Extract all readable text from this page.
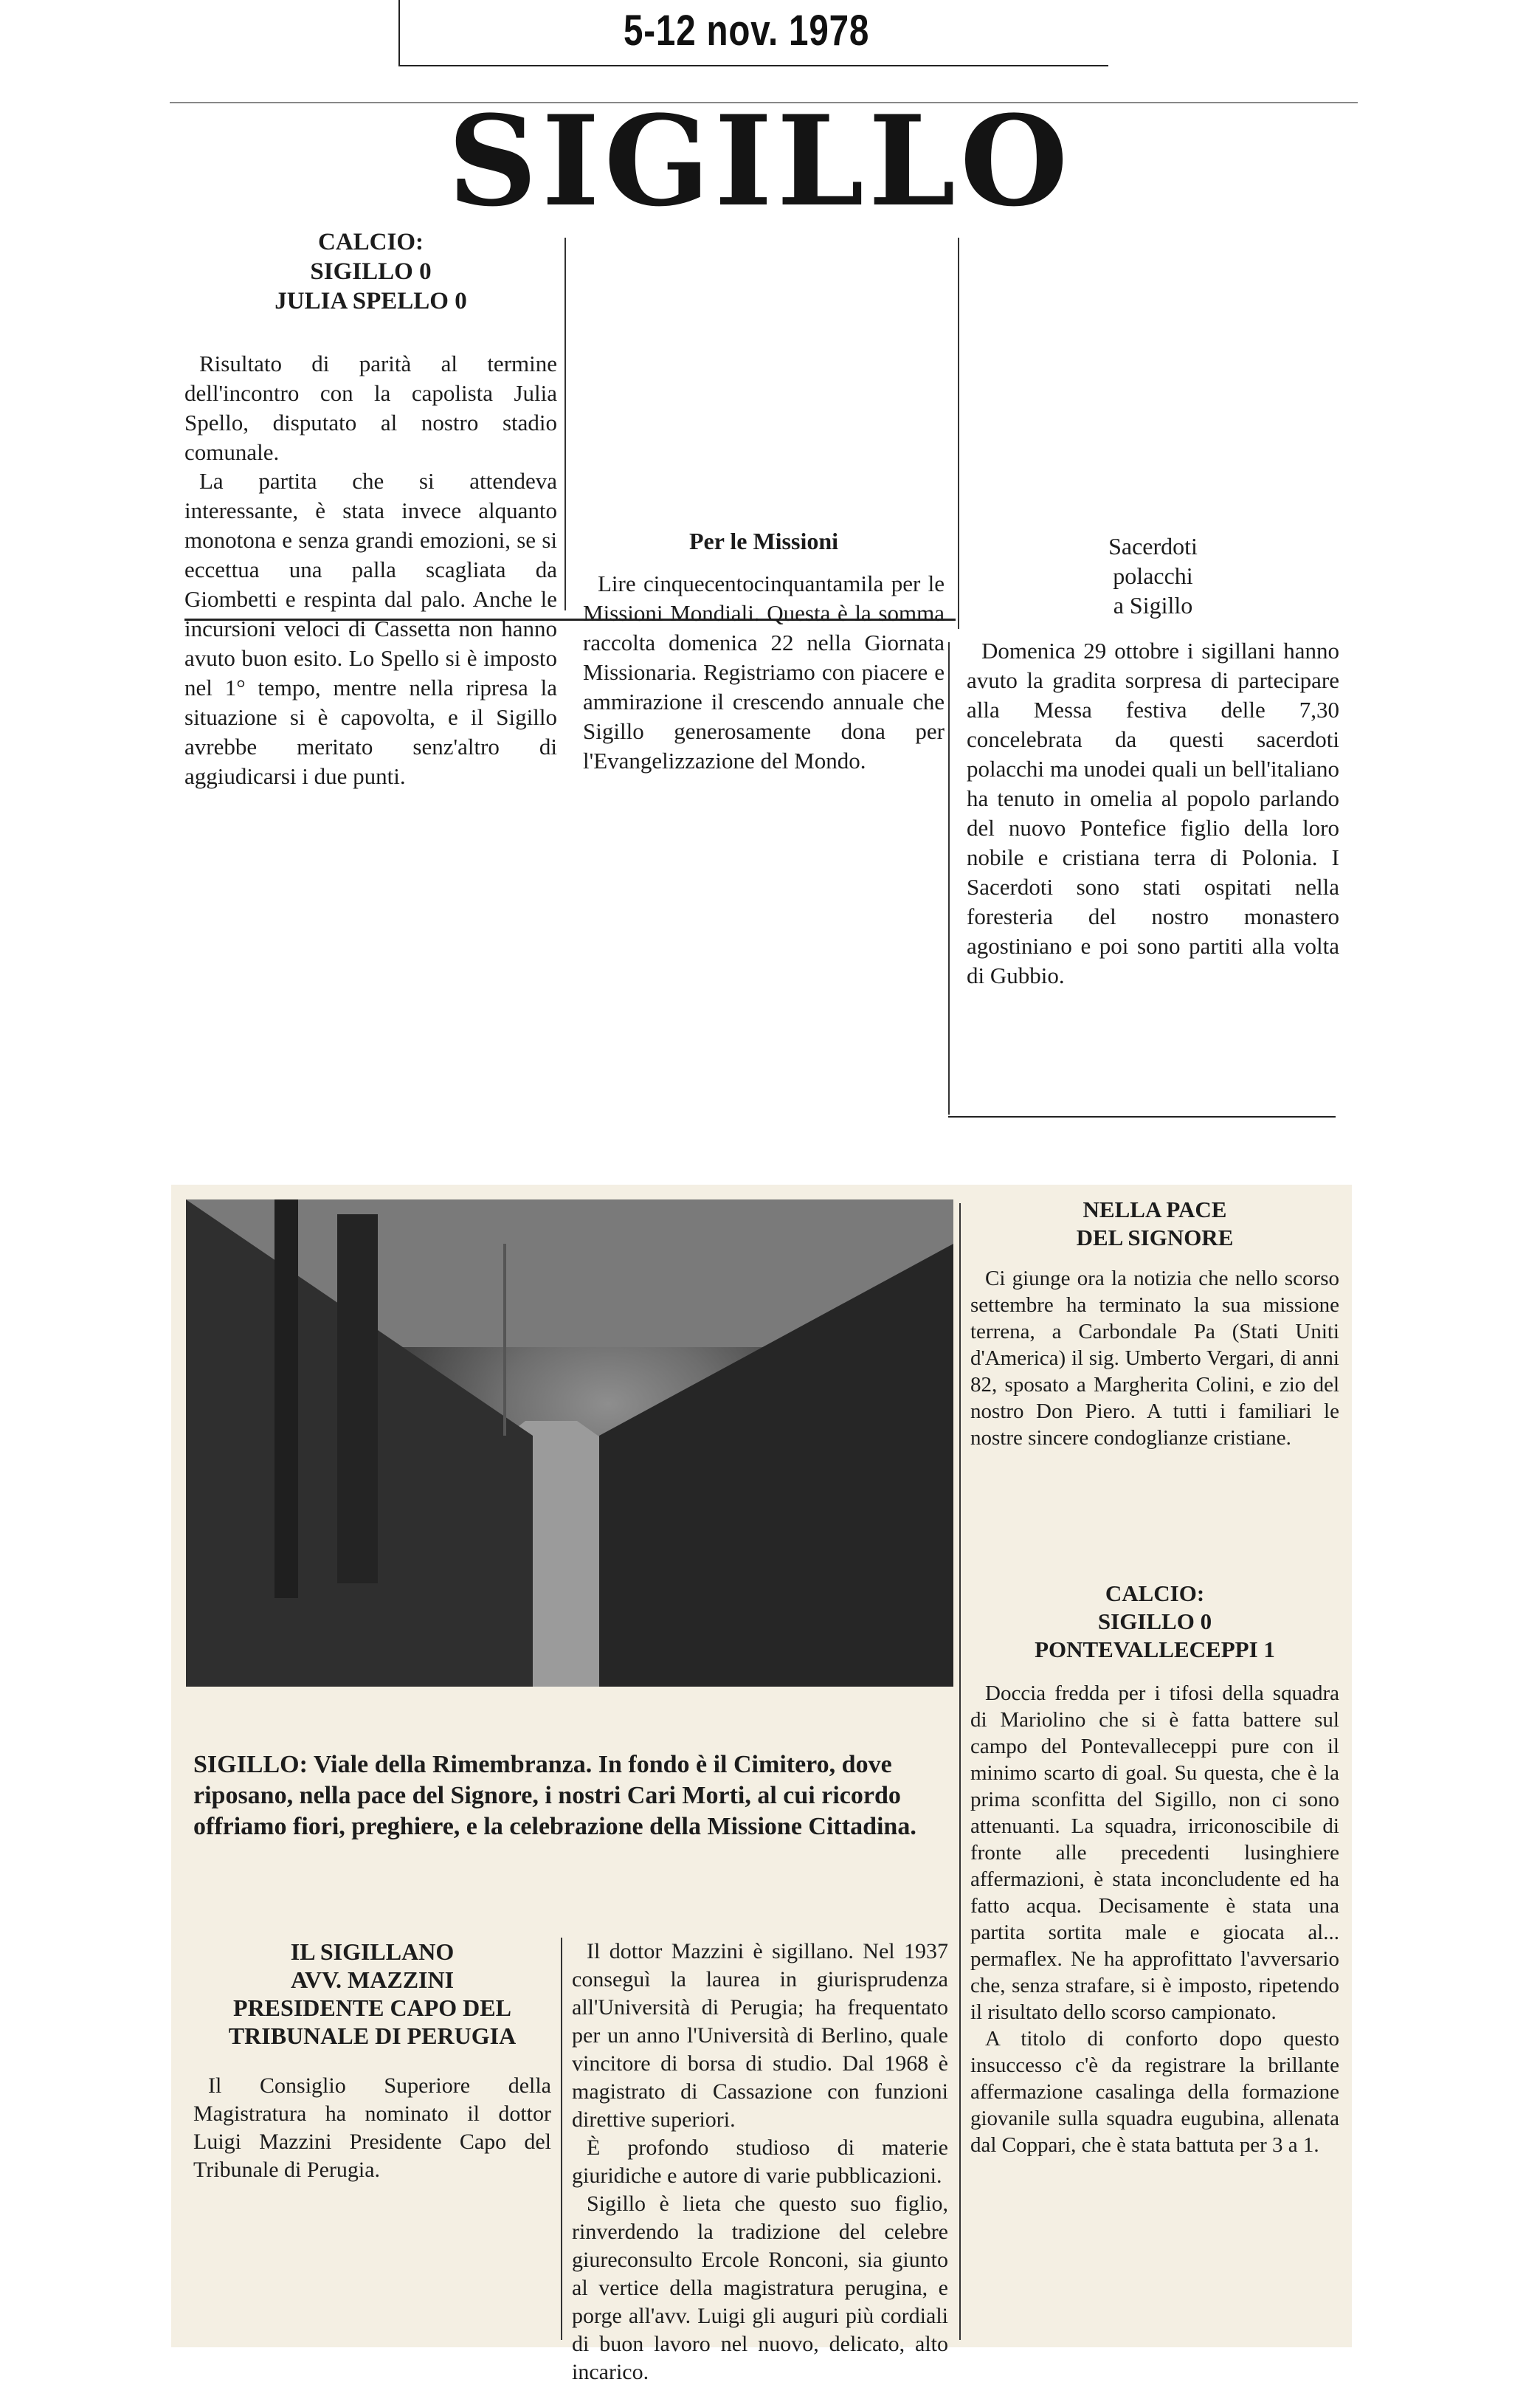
5-12 nov. 1978
SIGILLO
CALCIO:
SIGILLO 0
JULIA SPELLO 0

Risultato di parità al termine dell'incontro con la capolista Julia Spello, disputato al nostro stadio comunale.

La partita che si attendeva interessante, è stata invece alquanto monotona e senza grandi emozioni, se si eccettua una palla scagliata da Giombetti e respinta dal palo. Anche le incursioni veloci di Cassetta non hanno avuto buon esito. Lo Spello si è imposto nel 1° tempo, mentre nella ripresa la situazione si è capovolta, e il Sigillo avrebbe meritato senz'altro di aggiudicarsi i due punti.

Per le Missioni

Lire cinquecentocinquantamila per le Missioni Mondiali. Questa è la somma raccolta domenica 22 nella Giornata Missionaria. Registriamo con piacere e ammirazione il crescendo annuale che Sigillo generosamente dona per l'Evangelizzazione del Mondo.

Sacerdoti
polacchi
a Sigillo

Domenica 29 ottobre i sigillani hanno avuto la gradita sorpresa di partecipare alla Messa festiva delle 7,30 concelebrata da questi sacerdoti polacchi ma unodei quali un bell'italiano ha tenuto in omelia al popolo parlando del nuovo Pontefice figlio della loro nobile e cristiana terra di Polonia. I Sacerdoti sono stati ospitati nella foresteria del nostro monastero agostiniano e poi sono partiti alla volta di Gubbio.

SIGILLO: Viale della Rimembranza. In fondo è il Cimitero, dove riposano, nella pace del Signore, i nostri Cari Morti, al cui ricordo offriamo fiori, preghiere, e la celebrazione della Missione Cittadina.
IL SIGILLANO
AVV. MAZZINI
PRESIDENTE CAPO DEL
TRIBUNALE DI PERUGIA

Il Consiglio Superiore della Magistratura ha nominato il dottor Luigi Mazzini Presidente Capo del Tribunale di Perugia.

Il dottor Mazzini è sigillano. Nel 1937 conseguì la laurea in giurisprudenza all'Università di Perugia; ha frequentato per un anno l'Università di Berlino, quale vincitore di borsa di studio. Dal 1968 è magistrato di Cassazione con funzioni direttive superiori.

È profondo studioso di materie giuridiche e autore di varie pubblicazioni.

Sigillo è lieta che questo suo figlio, rinverdendo la tradizione del celebre giureconsulto Ercole Ronconi, sia giunto al vertice della magistratura perugina, e porge all'avv. Luigi gli auguri più cordiali di buon lavoro nel nuovo, delicato, alto incarico.

NELLA PACE
DEL SIGNORE

Ci giunge ora la notizia che nello scorso settembre ha terminato la sua missione terrena, a Carbondale Pa (Stati Uniti d'America) il sig. Umberto Vergari, di anni 82, sposato a Margherita Colini, e zio del nostro Don Piero. A tutti i familiari le nostre sincere condoglianze cristiane.

CALCIO:
SIGILLO 0
PONTEVALLECEPPI 1

Doccia fredda per i tifosi della squadra di Mariolino che si è fatta battere sul campo del Pontevalleceppi pure con il minimo scarto di goal. Su questa, che è la prima sconfitta del Sigillo, non ci sono attenuanti. La squadra, irriconoscibile di fronte alle precedenti lusinghiere affermazioni, è stata inconcludente ed ha fatto acqua. Decisamente è stata una partita sortita male e giocata al... permaflex. Ne ha approfittato l'avversario che, senza strafare, si è imposto, ripetendo il risultato dello scorso campionato.

A titolo di conforto dopo questo insuccesso c'è da registrare la brillante affermazione casalinga della formazione giovanile sulla squadra eugubina, allenata dal Coppari, che è stata battuta per 3 a 1.
